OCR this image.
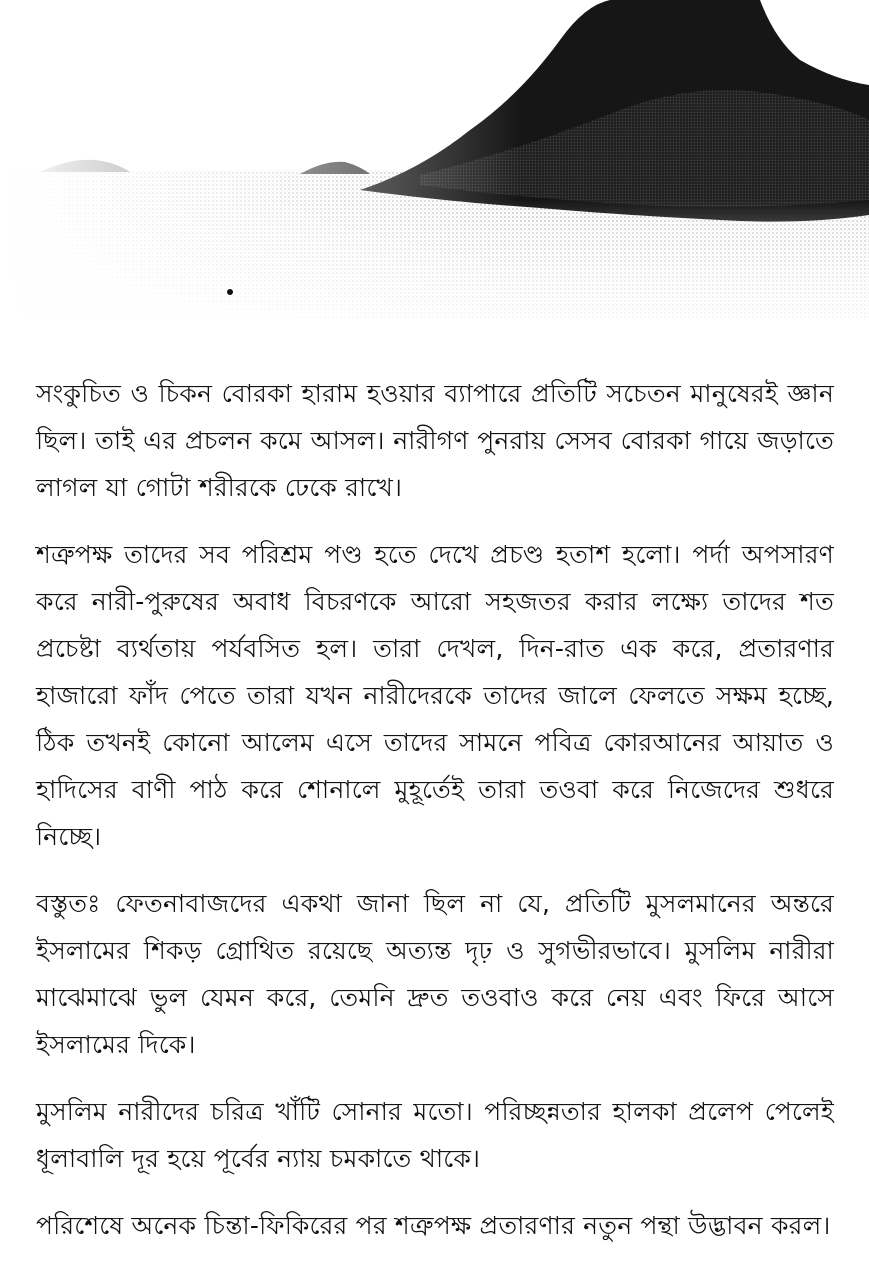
সংকুচিত ও চিকন বোরকা হারাম হওয়ার ব্যাপারে প্রতিটি সচেতন মানুষেরই জ্ঞান ছিল। তাই এর প্রচলন কমে আসল। নারীগণ পুনরায় সেসব বোরকা গায়ে জড়াতে লাগল যা গোটা শরীরকে ঢেকে রাখে।

শত্রুপক্ষ তাদের সব পরিশ্রম পণ্ড হতে দেখে প্রচণ্ড হতাশ হলো। পর্দা অপসারণ করে নারী-পুরুষের অবাধ বিচরণকে আরো সহজতর করার লক্ষ্যে তাদের শত প্রচেষ্টা ব্যর্থতায় পর্যবসিত হল। তারা দেখল, দিন-রাত এক করে, প্রতারণার হাজারো ফাঁদ পেতে তারা যখন নারীদেরকে তাদের জালে ফেলতে সক্ষম হচ্ছে, ঠিক তখনই কোনো আলেম এসে তাদের সামনে পবিত্র কোরআনের আয়াত ও হাদিসের বাণী পাঠ করে শোনালে মুহূর্তেই তারা তওবা করে নিজেদের শুধরে নিচ্ছে।

বস্তুতঃ ফেতনাবাজদের একথা জানা ছিল না যে, প্রতিটি মুসলমানের অন্তরে ইসলামের শিকড় গ্রোথিত রয়েছে অত্যন্ত দৃঢ় ও সুগভীরভাবে। মুসলিম নারীরা মাঝেমাঝে ভুল যেমন করে, তেমনি দ্রুত তওবাও করে নেয় এবং ফিরে আসে ইসলামের দিকে।

মুসলিম নারীদের চরিত্র খাঁটি সোনার মতো। পরিচ্ছন্নতার হালকা প্রলেপ পেলেই ধূলাবালি দূর হয়ে পূর্বের ন্যায় চমকাতে থাকে।

পরিশেষে অনেক চিন্তা-ফিকিরের পর শত্রুপক্ষ প্রতারণার নতুন পন্থা উদ্ভাবন করল।
